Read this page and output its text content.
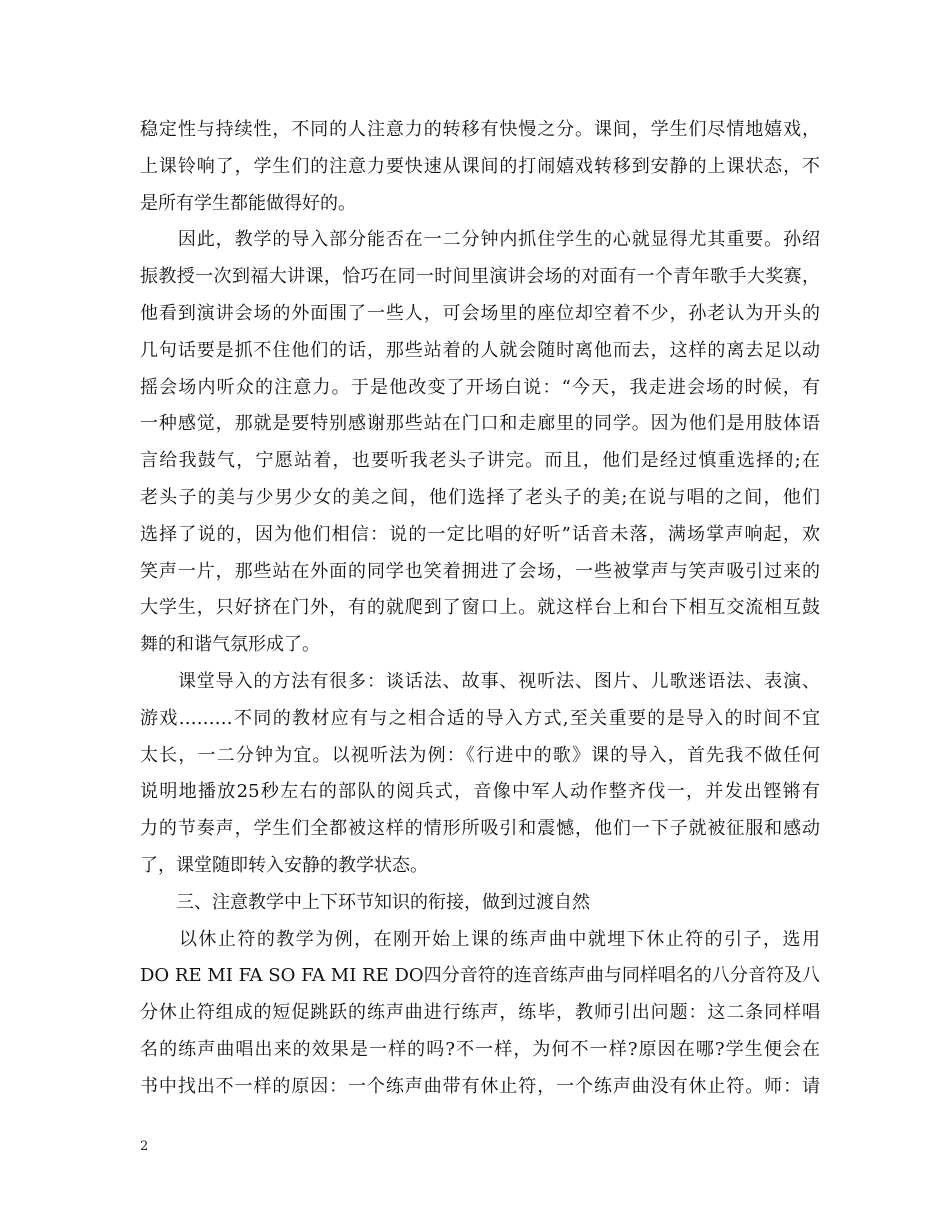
稳定性与持续性，不同的人注意力的转移有快慢之分。课间，学生们尽情地嬉戏，
上课铃响了，学生们的注意力要快速从课间的打闹嬉戏转移到安静的上课状态，不
是所有学生都能做得好的。
　　因此，教学的导入部分能否在一二分钟内抓住学生的心就显得尤其重要。孙绍
振教授一次到福大讲课，恰巧在同一时间里演讲会场的对面有一个青年歌手大奖赛，
他看到演讲会场的外面围了一些人，可会场里的座位却空着不少，孙老认为开头的
几句话要是抓不住他们的话，那些站着的人就会随时离他而去，这样的离去足以动
摇会场内听众的注意力。于是他改变了开场白说：“今天，我走进会场的时候，有
一种感觉，那就是要特别感谢那些站在门口和走廊里的同学。因为他们是用肢体语
言给我鼓气，宁愿站着，也要听我老头子讲完。而且，他们是经过慎重选择的;在
老头子的美与少男少女的美之间，他们选择了老头子的美;在说与唱的之间，他们
选择了说的，因为他们相信：说的一定比唱的好听”话音未落，满场掌声响起，欢
笑声一片，那些站在外面的同学也笑着拥进了会场，一些被掌声与笑声吸引过来的
大学生，只好挤在门外，有的就爬到了窗口上。就这样台上和台下相互交流相互鼓
舞的和谐气氛形成了。
　　课堂导入的方法有很多：谈话法、故事、视听法、图片、儿歌迷语法、表演、
游戏………不同的教材应有与之相合适的导入方式,至关重要的是导入的时间不宜
太长，一二分钟为宜。以视听法为例：《行进中的歌》课的导入，首先我不做任何
说明地播放25秒左右的部队的阅兵式，音像中军人动作整齐伐一，并发出铿锵有
力的节奏声，学生们全都被这样的情形所吸引和震憾，他们一下子就被征服和感动
了，课堂随即转入安静的教学状态。
　　三、注意教学中上下环节知识的衔接，做到过渡自然
　　以休止符的教学为例，在刚开始上课的练声曲中就埋下休止符的引子，选用
DO RE MI FA SO FA MI RE DO四分音符的连音练声曲与同样唱名的八分音符及八
分休止符组成的短促跳跃的练声曲进行练声，练毕，教师引出问题：这二条同样唱
名的练声曲唱出来的效果是一样的吗?不一样，为何不一样?原因在哪?学生便会在
书中找出不一样的原因：一个练声曲带有休止符，一个练声曲没有休止符。师：请
2
